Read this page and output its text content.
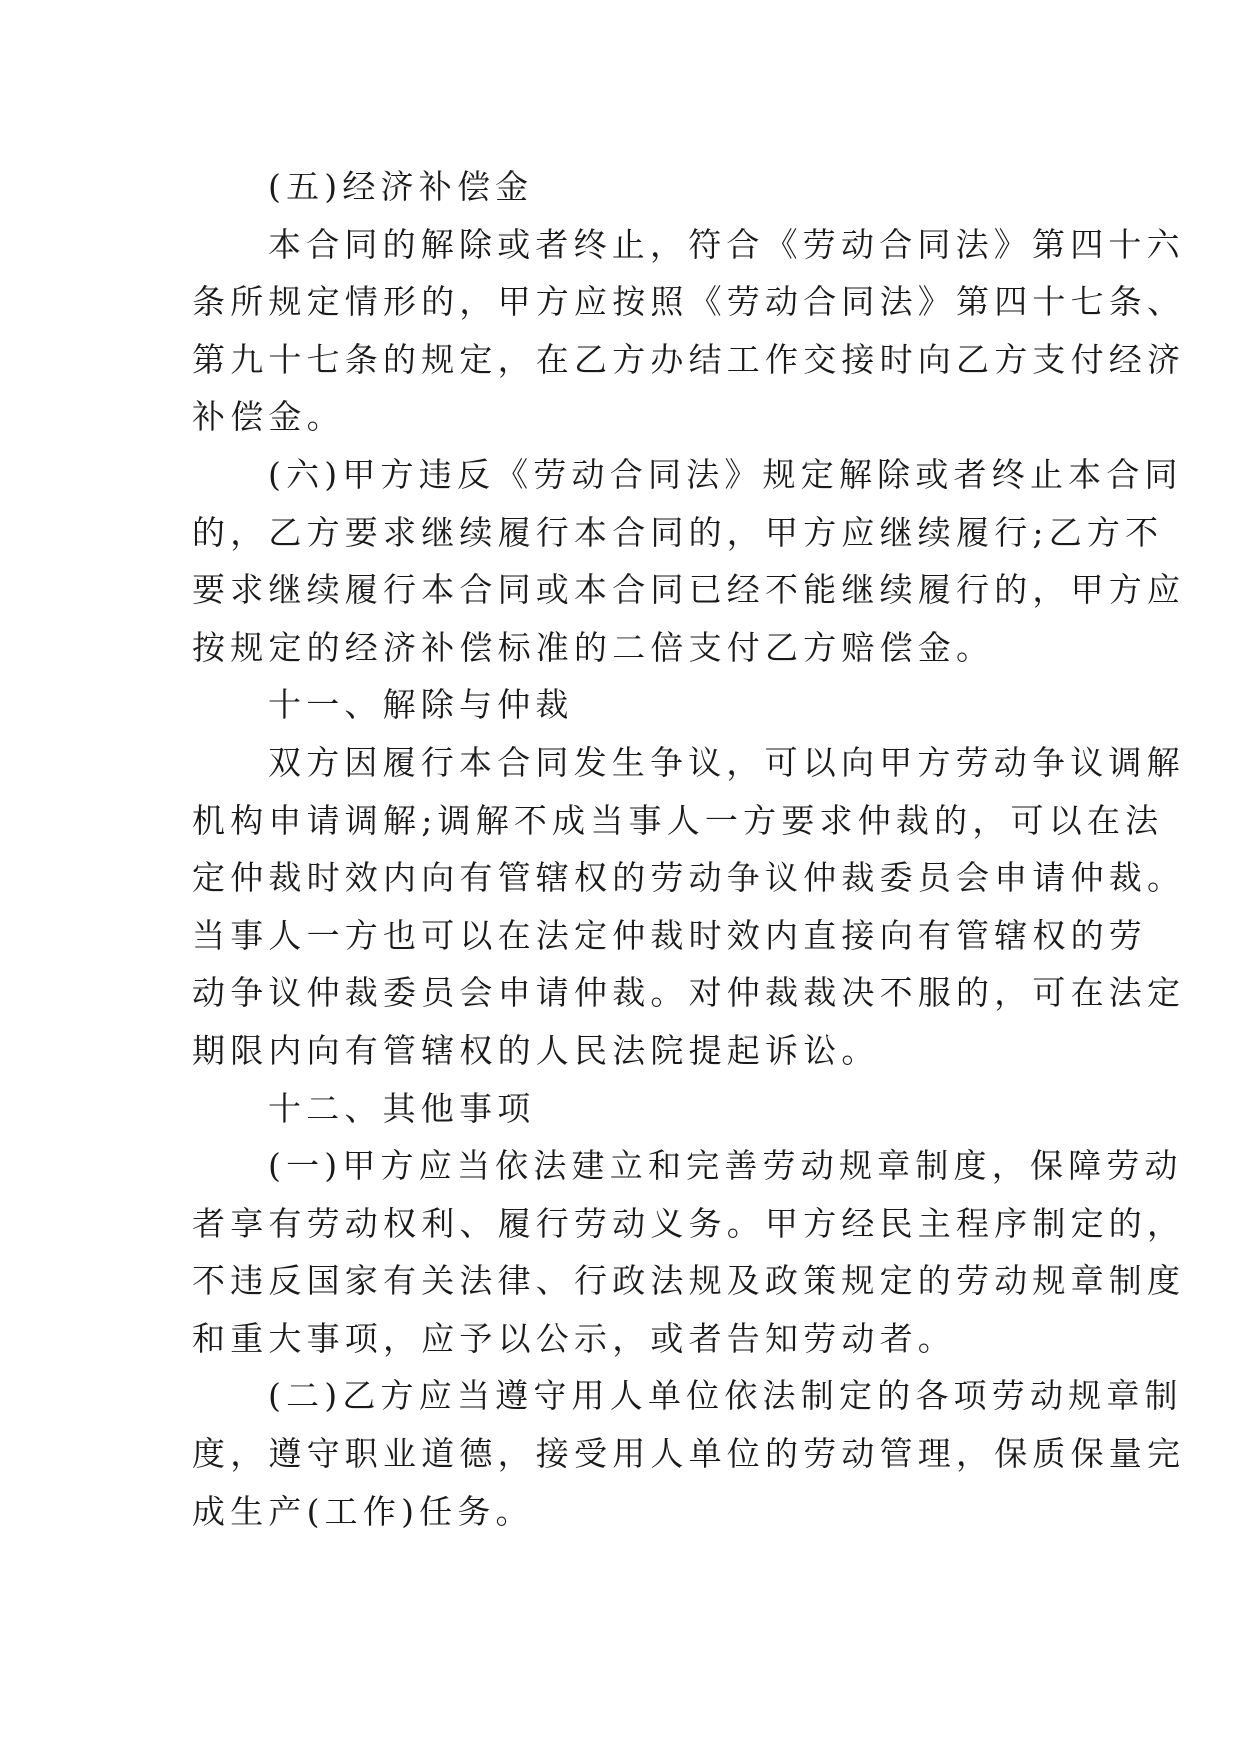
(五)经济补偿金
本合同的解除或者终止，符合《劳动合同法》第四十六
条所规定情形的，甲方应按照《劳动合同法》第四十七条、
第九十七条的规定，在乙方办结工作交接时向乙方支付经济
补偿金。
(六)甲方违反《劳动合同法》规定解除或者终止本合同
的，乙方要求继续履行本合同的，甲方应继续履行;乙方不
要求继续履行本合同或本合同已经不能继续履行的，甲方应
按规定的经济补偿标准的二倍支付乙方赔偿金。
十一、解除与仲裁
双方因履行本合同发生争议，可以向甲方劳动争议调解
机构申请调解;调解不成当事人一方要求仲裁的，可以在法
定仲裁时效内向有管辖权的劳动争议仲裁委员会申请仲裁。
当事人一方也可以在法定仲裁时效内直接向有管辖权的劳
动争议仲裁委员会申请仲裁。对仲裁裁决不服的，可在法定
期限内向有管辖权的人民法院提起诉讼。
十二、其他事项
(一)甲方应当依法建立和完善劳动规章制度，保障劳动
者享有劳动权利、履行劳动义务。甲方经民主程序制定的，
不违反国家有关法律、行政法规及政策规定的劳动规章制度
和重大事项，应予以公示，或者告知劳动者。
(二)乙方应当遵守用人单位依法制定的各项劳动规章制
度，遵守职业道德，接受用人单位的劳动管理，保质保量完
成生产(工作)任务。
